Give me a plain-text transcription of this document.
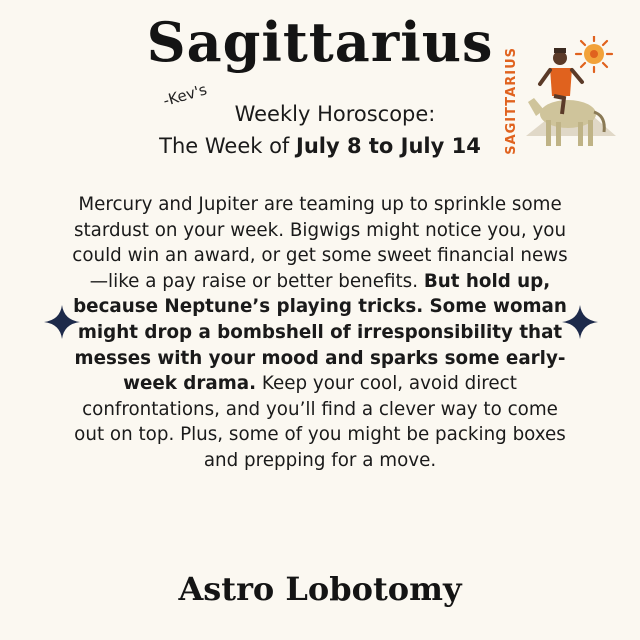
Sagittarius
-Kev's
Weekly Horoscope:
The Week of July 8 to July 14	SAGITTARIUS
Mercury and Jupiter are teaming up to sprinkle some stardust on your week. Bigwigs might notice you, you could win an award, or get some sweet financial news—like a pay raise or better benefits. But hold up, because Neptune’s playing tricks. Some woman might drop a bombshell of irresponsibility that messes with your mood and sparks some early-week drama. Keep your cool, avoid direct confrontations, and you’ll find a clever way to come out on top. Plus, some of you might be packing boxes and prepping for a move.
Astro Lobotomy
